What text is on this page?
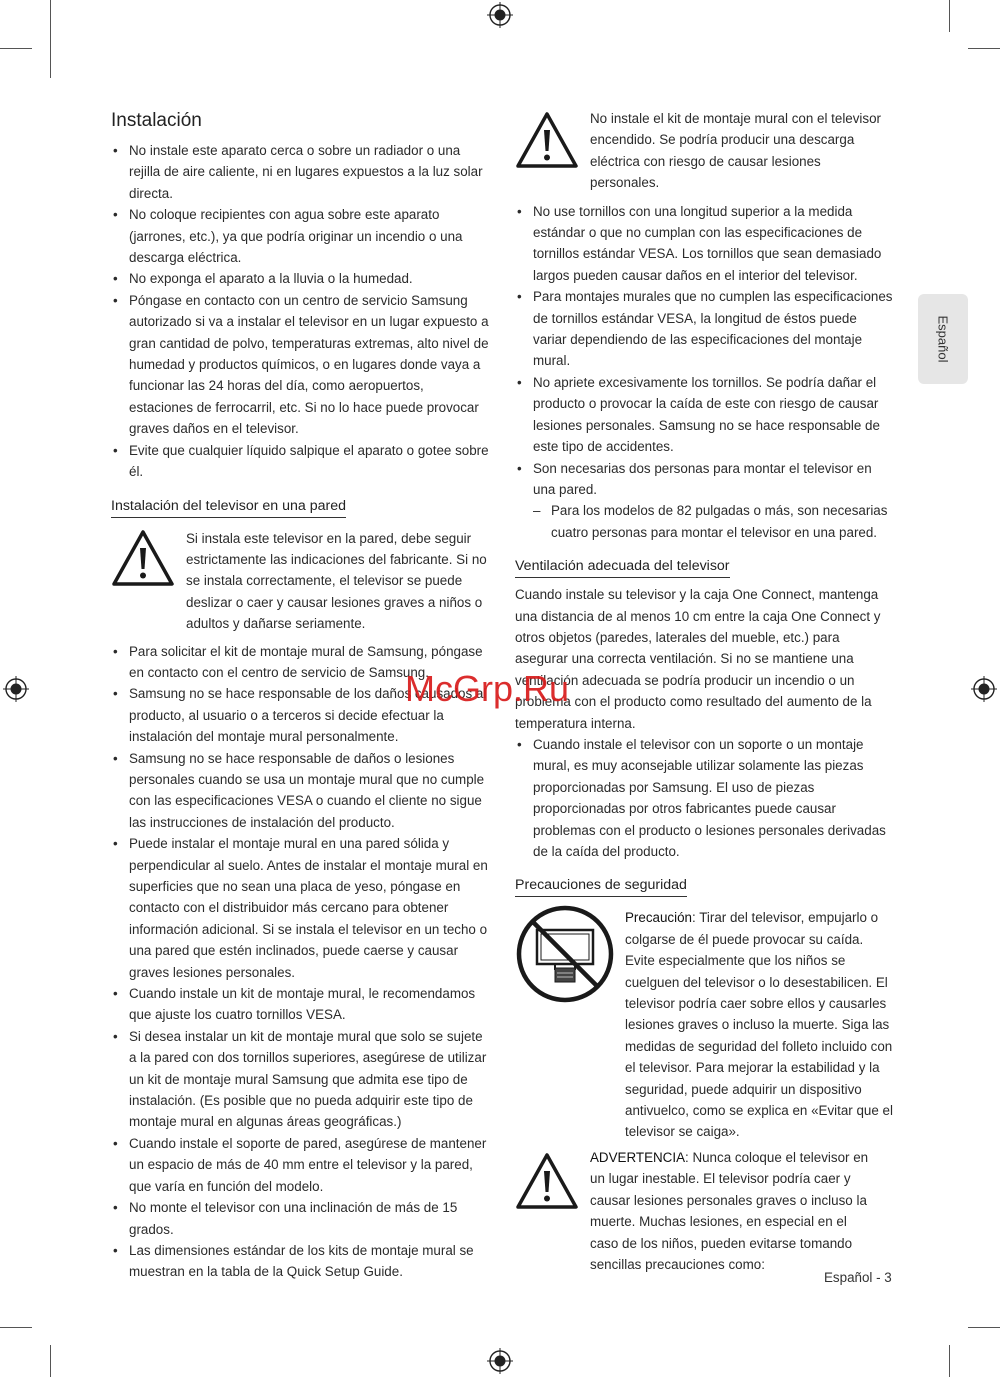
Español
Instalación
• No instale este aparato cerca o sobre un radiador o una rejilla de aire caliente, ni en lugares expuestos a la luz solar directa.
• No coloque recipientes con agua sobre este aparato (jarrones, etc.), ya que podría originar un incendio o una descarga eléctrica.
• No exponga el aparato a la lluvia o la humedad.
• Póngase en contacto con un centro de servicio Samsung autorizado si va a instalar el televisor en un lugar expuesto a gran cantidad de polvo, temperaturas extremas, alto nivel de humedad y productos químicos, o en lugares donde vaya a funcionar las 24 horas del día, como aeropuertos, estaciones de ferrocarril, etc. Si no lo hace puede provocar graves daños en el televisor.
• Evite que cualquier líquido salpique el aparato o gotee sobre él.
Instalación del televisor en una pared

Si instala este televisor en la pared, debe seguir estrictamente las indicaciones del fabricante. Si no se instala correctamente, el televisor se puede deslizar o caer y causar lesiones graves a niños o adultos y dañarse seriamente.

• Para solicitar el kit de montaje mural de Samsung, póngase en contacto con el centro de servicio de Samsung.
• Samsung no se hace responsable de los daños causados al producto, al usuario o a terceros si decide efectuar la instalación del montaje mural personalmente.
• Samsung no se hace responsable de daños o lesiones personales cuando se usa un montaje mural que no cumple con las especificaciones VESA o cuando el cliente no sigue las instrucciones de instalación del producto.
• Puede instalar el montaje mural en una pared sólida y perpendicular al suelo. Antes de instalar el montaje mural en superficies que no sean una placa de yeso, póngase en contacto con el distribuidor más cercano para obtener información adicional. Si se instala el televisor en un techo o una pared que estén inclinados, puede caerse y causar graves lesiones personales.
• Cuando instale un kit de montaje mural, le recomendamos que ajuste los cuatro tornillos VESA.
• Si desea instalar un kit de montaje mural que solo se sujete a la pared con dos tornillos superiores, asegúrese de utilizar un kit de montaje mural Samsung que admita ese tipo de instalación. (Es posible que no pueda adquirir este tipo de montaje mural en algunas áreas geográficas.)
• Cuando instale el soporte de pared, asegúrese de mantener un espacio de más de 40 mm entre el televisor y la pared, que varía en función del modelo.
• No monte el televisor con una inclinación de más de 15 grados.
• Las dimensiones estándar de los kits de montaje mural se muestran en la tabla de la Quick Setup Guide.

No instale el kit de montaje mural con el televisor encendido. Se podría producir una descarga eléctrica con riesgo de causar lesiones personales.

• No use tornillos con una longitud superior a la medida estándar o que no cumplan con las especificaciones de tornillos estándar VESA. Los tornillos que sean demasiado largos pueden causar daños en el interior del televisor.
• Para montajes murales que no cumplen las especificaciones de tornillos estándar VESA, la longitud de éstos puede variar dependiendo de las especificaciones del montaje mural.
• No apriete excesivamente los tornillos. Se podría dañar el producto o provocar la caída de este con riesgo de causar lesiones personales. Samsung no se hace responsable de este tipo de accidentes.
• Son necesarias dos personas para montar el televisor en una pared.
– Para los modelos de 82 pulgadas o más, son necesarias cuatro personas para montar el televisor en una pared.
Ventilación adecuada del televisor

Cuando instale su televisor y la caja One Connect, mantenga una distancia de al menos 10 cm entre la caja One Connect y otros objetos (paredes, laterales del mueble, etc.) para asegurar una correcta ventilación. Si no se mantiene una ventilación adecuada se podría producir un incendio o un problema con el producto como resultado del aumento de la temperatura interna.

• Cuando instale el televisor con un soporte o un montaje mural, es muy aconsejable utilizar solamente las piezas proporcionadas por Samsung. El uso de piezas proporcionadas por otros fabricantes puede causar problemas con el producto o lesiones personales derivadas de la caída del producto.
Precauciones de seguridad

Precaución: Tirar del televisor, empujarlo o colgarse de él puede provocar su caída. Evite especialmente que los niños se cuelguen del televisor o lo desestabilicen. El televisor podría caer sobre ellos y causarles lesiones graves o incluso la muerte. Siga las medidas de seguridad del folleto incluido con el televisor. Para mejorar la estabilidad y la seguridad, puede adquirir un dispositivo antivuelco, como se explica en «Evitar que el televisor se caiga».

ADVERTENCIA: Nunca coloque el televisor en un lugar inestable. El televisor podría caer y causar lesiones personales graves o incluso la muerte. Muchas lesiones, en especial en el caso de los niños, pueden evitarse tomando sencillas precauciones como:

McGrp.Ru
Español - 3
